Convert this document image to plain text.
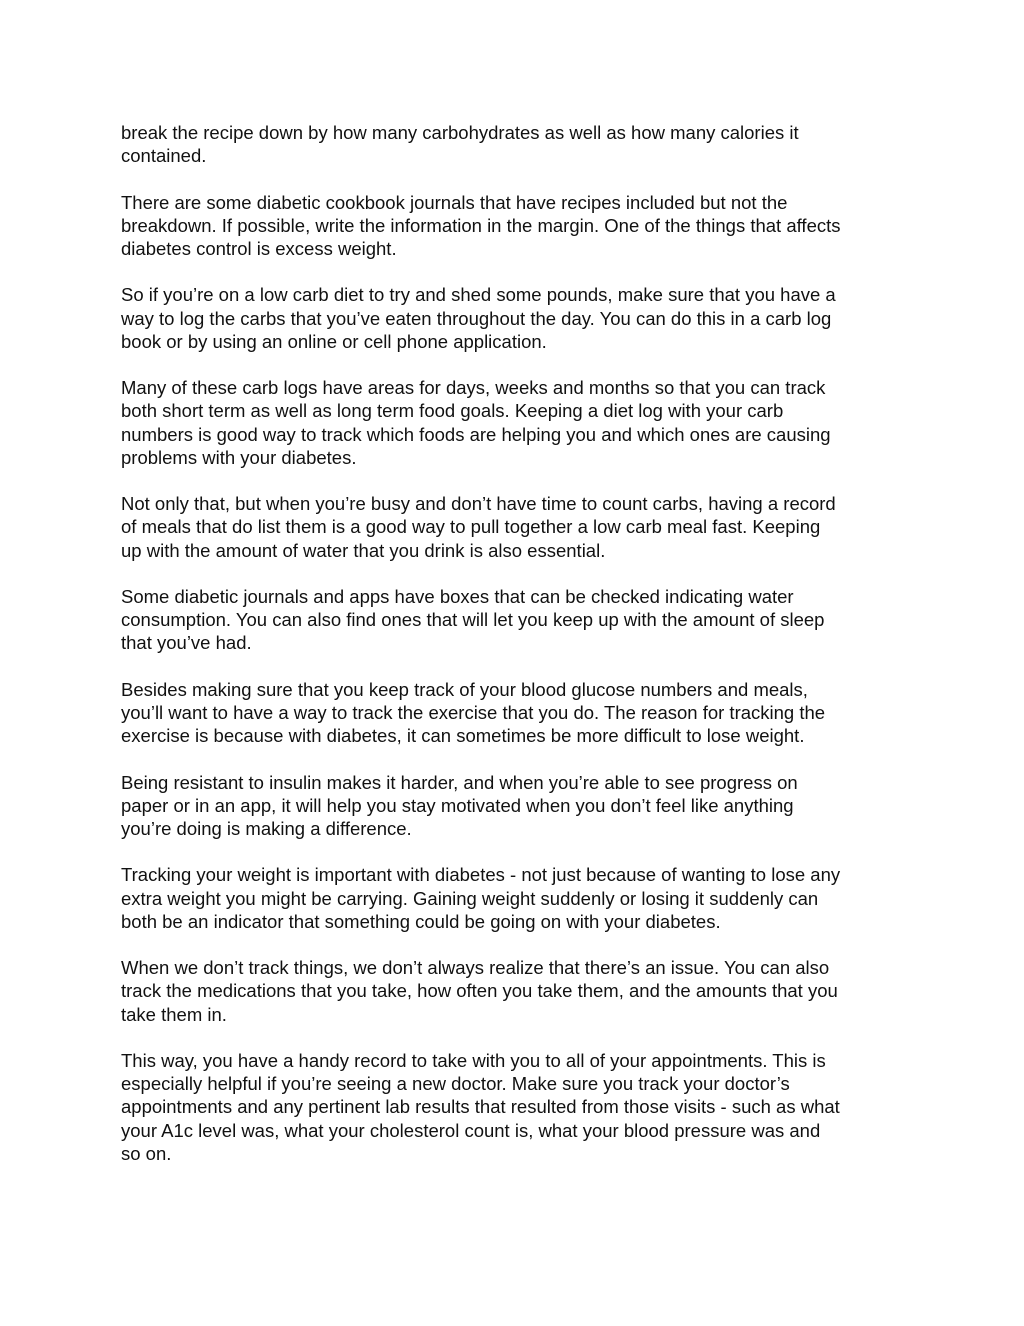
break the recipe down by how many carbohydrates as well as how many calories it
contained.

There are some diabetic cookbook journals that have recipes included but not the
breakdown. If possible, write the information in the margin. One of the things that affects
diabetes control is excess weight.

So if you’re on a low carb diet to try and shed some pounds, make sure that you have a
way to log the carbs that you’ve eaten throughout the day. You can do this in a carb log
book or by using an online or cell phone application.

Many of these carb logs have areas for days, weeks and months so that you can track
both short term as well as long term food goals. Keeping a diet log with your carb
numbers is good way to track which foods are helping you and which ones are causing
problems with your diabetes.

Not only that, but when you’re busy and don’t have time to count carbs, having a record
of meals that do list them is a good way to pull together a low carb meal fast. Keeping
up with the amount of water that you drink is also essential.

Some diabetic journals and apps have boxes that can be checked indicating water
consumption. You can also find ones that will let you keep up with the amount of sleep
that you’ve had.

Besides making sure that you keep track of your blood glucose numbers and meals,
you’ll want to have a way to track the exercise that you do. The reason for tracking the
exercise is because with diabetes, it can sometimes be more difficult to lose weight.

Being resistant to insulin makes it harder, and when you’re able to see progress on
paper or in an app, it will help you stay motivated when you don’t feel like anything
you’re doing is making a difference.

Tracking your weight is important with diabetes - not just because of wanting to lose any
extra weight you might be carrying. Gaining weight suddenly or losing it suddenly can
both be an indicator that something could be going on with your diabetes.

When we don’t track things, we don’t always realize that there’s an issue. You can also
track the medications that you take, how often you take them, and the amounts that you
take them in.

This way, you have a handy record to take with you to all of your appointments. This is
especially helpful if you’re seeing a new doctor. Make sure you track your doctor’s
appointments and any pertinent lab results that resulted from those visits - such as what
your A1c level was, what your cholesterol count is, what your blood pressure was and
so on.
